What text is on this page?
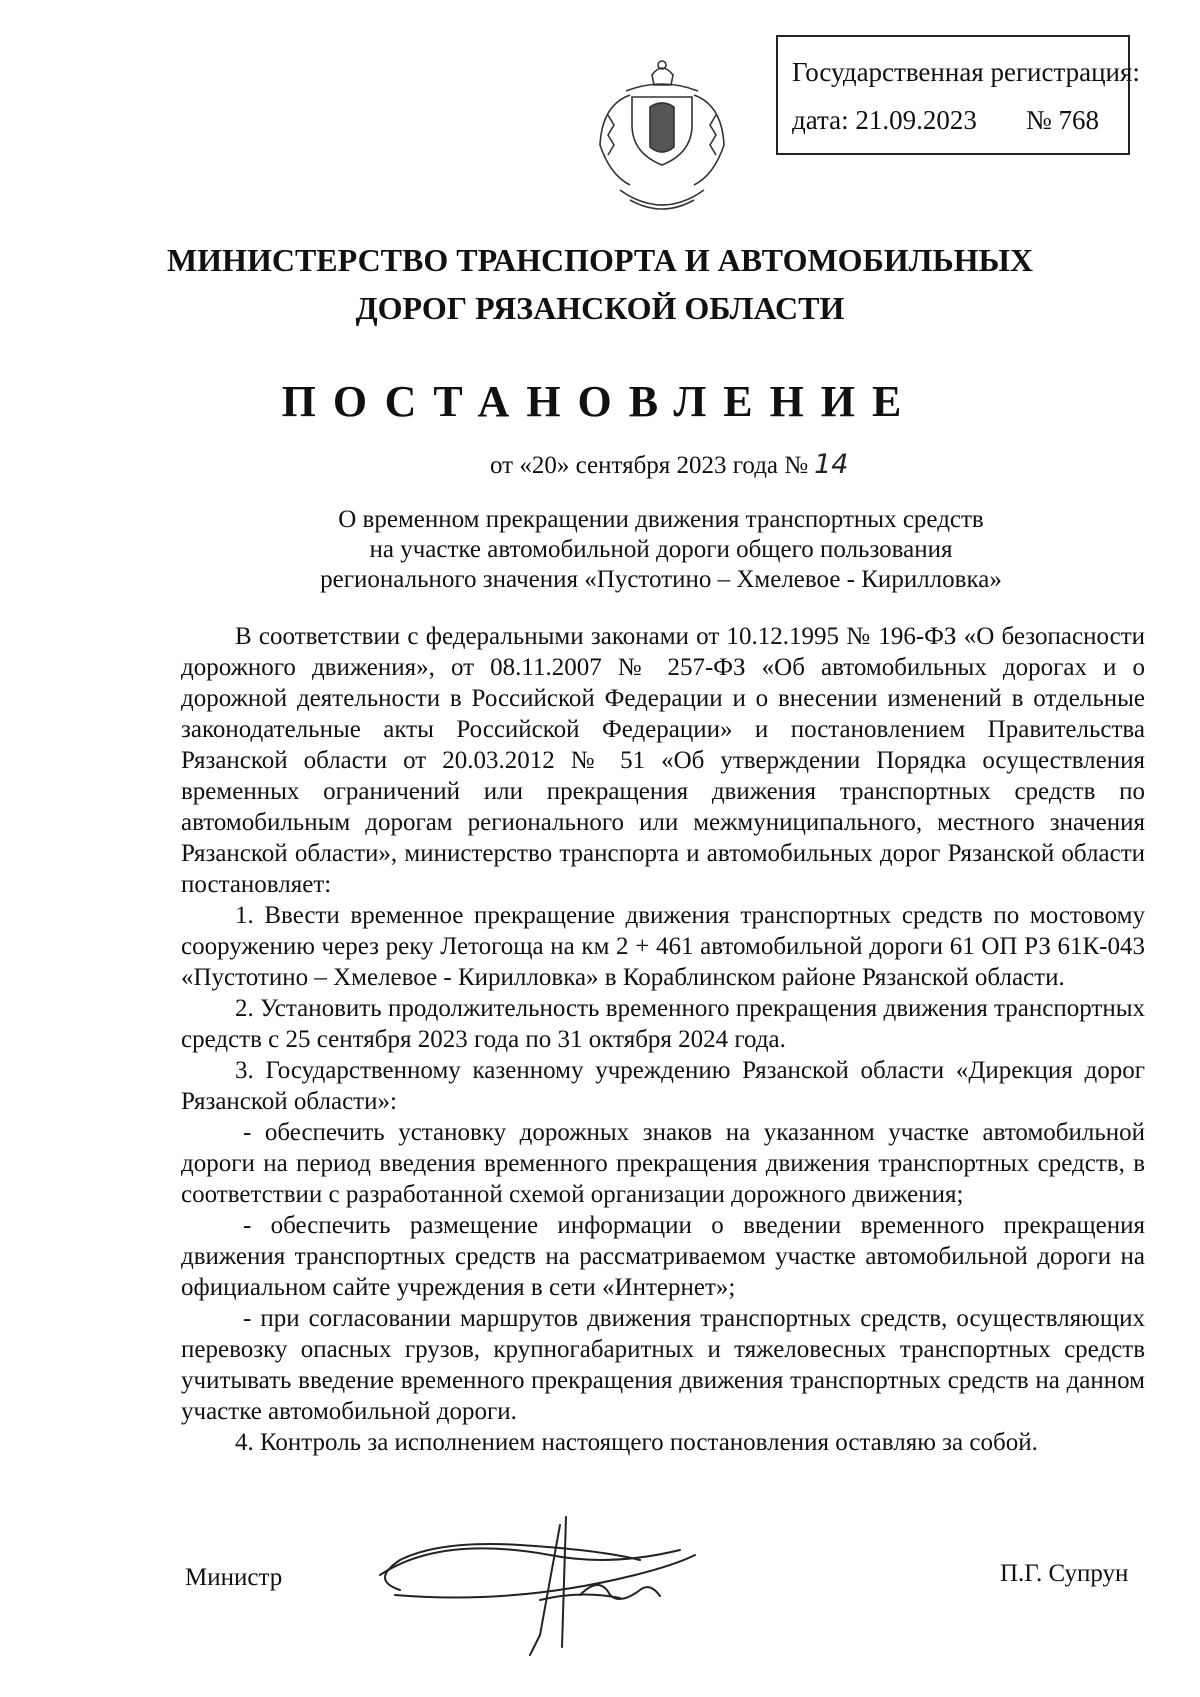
Государственная регистрация:
дата: 21.09.2023 № 768
МИНИСТЕРСТВО ТРАНСПОРТА И АВТОМОБИЛЬНЫХ
ДОРОГ РЯЗАНСКОЙ ОБЛАСТИ
ПОСТАНОВЛЕНИЕ
от «20» сентября 2023 года № 14
О временном прекращении движения транспортных средств
на участке автомобильной дороги общего пользования
регионального значения «Пустотино – Хмелевое - Кирилловка»

В соответствии с федеральными законами от 10.12.1995 № 196-ФЗ «О безопасности дорожного движения», от 08.11.2007 № 257-ФЗ «Об автомобильных дорогах и о дорожной деятельности в Российской Федерации и о внесении изменений в отдельные законодательные акты Российской Федерации» и постановлением Правительства Рязанской области от 20.03.2012 № 51 «Об утверждении Порядка осуществления временных ограничений или прекращения движения транспортных средств по автомобильным дорогам регионального или межмуниципального, местного значения Рязанской области», министерство транспорта и автомобильных дорог Рязанской области постановляет:

1. Ввести временное прекращение движения транспортных средств по мостовому сооружению через реку Летогоща на км 2 + 461 автомобильной дороги 61 ОП РЗ 61К-043 «Пустотино – Хмелевое - Кирилловка» в Кораблинском районе Рязанской области.

2. Установить продолжительность временного прекращения движения транспортных средств с 25 сентября 2023 года по 31 октября 2024 года.

3. Государственному казенному учреждению Рязанской области «Дирекция дорог Рязанской области»:

- обеспечить установку дорожных знаков на указанном участке автомобильной дороги на период введения временного прекращения движения транспортных средств, в соответствии с разработанной схемой организации дорожного движения;

- обеспечить размещение информации о введении временного прекращения движения транспортных средств на рассматриваемом участке автомобильной дороги на официальном сайте учреждения в сети «Интернет»;

- при согласовании маршрутов движения транспортных средств, осуществляющих перевозку опасных грузов, крупногабаритных и тяжеловесных транспортных средств учитывать введение временного прекращения движения транспортных средств на данном участке автомобильной дороги.

4. Контроль за исполнением настоящего постановления оставляю за собой.

Министр	П.Г. Супрун
